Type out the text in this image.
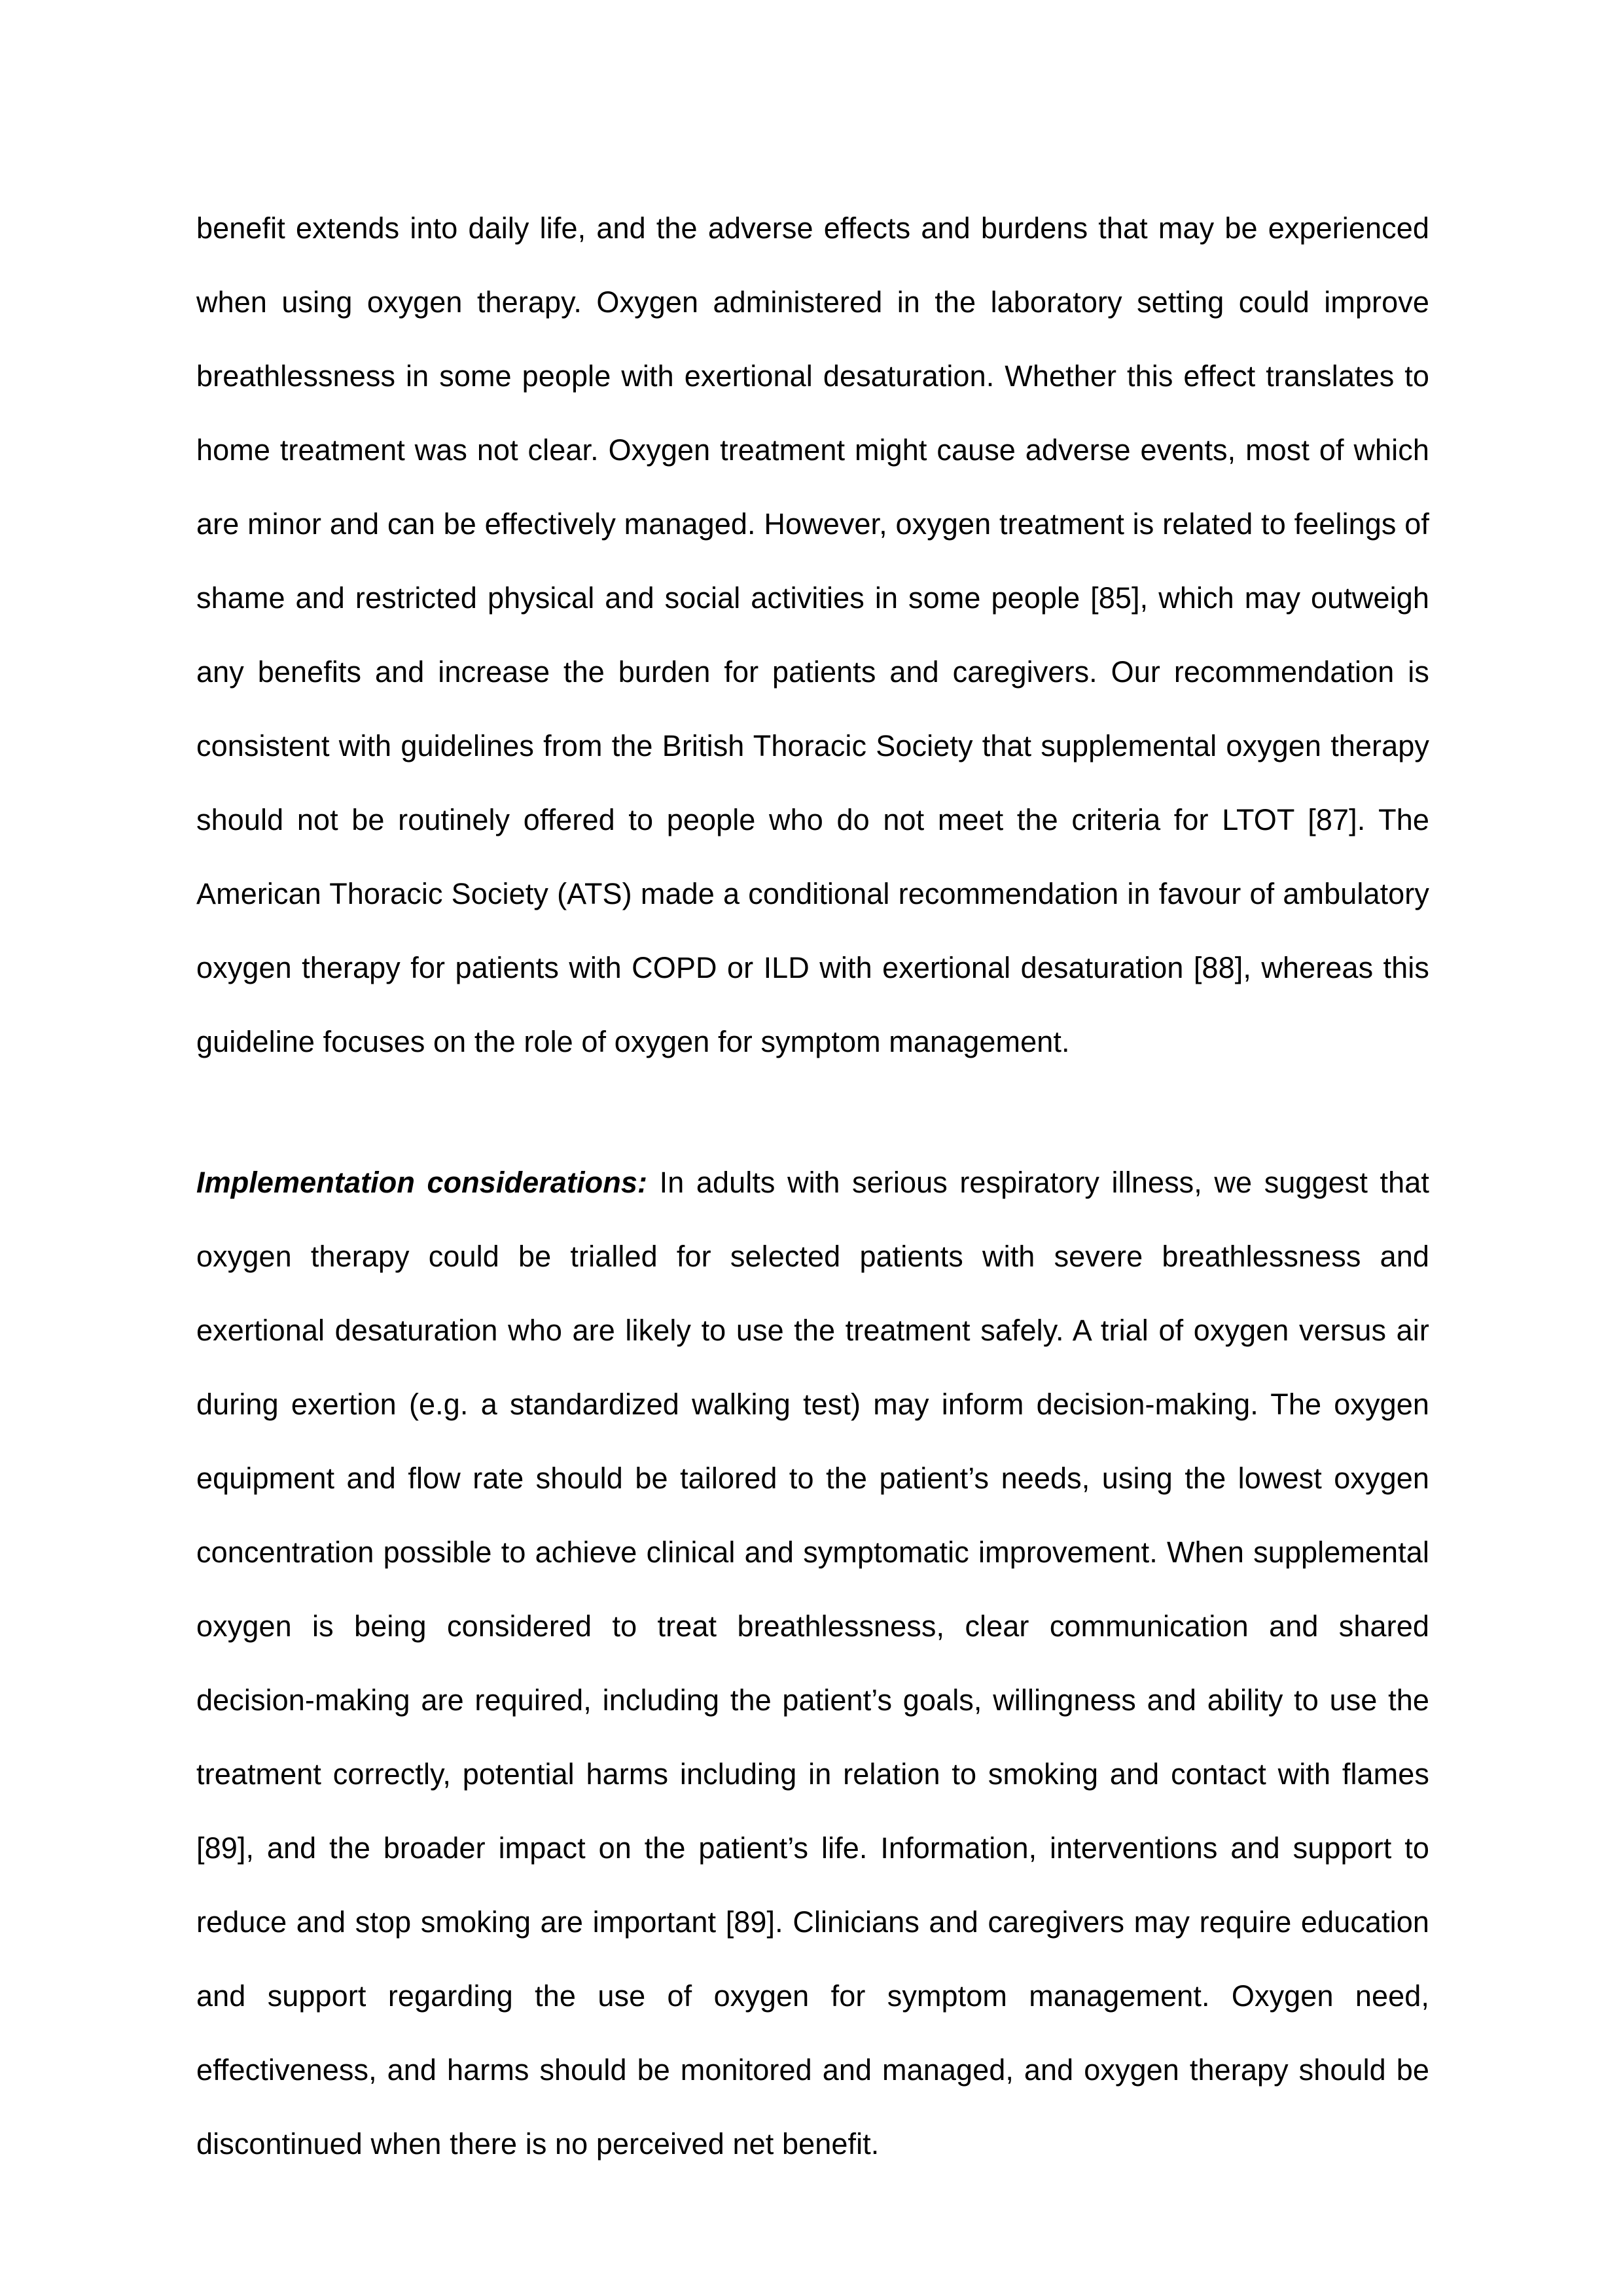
benefit extends into daily life, and the adverse effects and burdens that may be experienced when using oxygen therapy. Oxygen administered in the laboratory setting could improve breathlessness in some people with exertional desaturation. Whether this effect translates to home treatment was not clear. Oxygen treatment might cause adverse events, most of which are minor and can be effectively managed. However, oxygen treatment is related to feelings of shame and restricted physical and social activities in some people [85], which may outweigh any benefits and increase the burden for patients and caregivers. Our recommendation is consistent with guidelines from the British Thoracic Society that supplemental oxygen therapy should not be routinely offered to people who do not meet the criteria for LTOT [87]. The American Thoracic Society (ATS) made a conditional recommendation in favour of ambulatory oxygen therapy for patients with COPD or ILD with exertional desaturation [88], whereas this guideline focuses on the role of oxygen for symptom management.

Implementation considerations: In adults with serious respiratory illness, we suggest that oxygen therapy could be trialled for selected patients with severe breathlessness and exertional desaturation who are likely to use the treatment safely. A trial of oxygen versus air during exertion (e.g. a standardized walking test) may inform decision-making. The oxygen equipment and flow rate should be tailored to the patient’s needs, using the lowest oxygen concentration possible to achieve clinical and symptomatic improvement. When supplemental oxygen is being considered to treat breathlessness, clear communication and shared decision-making are required, including the patient’s goals, willingness and ability to use the treatment correctly, potential harms including in relation to smoking and contact with flames [89], and the broader impact on the patient’s life. Information, interventions and support to reduce and stop smoking are important [89]. Clinicians and caregivers may require education and support regarding the use of oxygen for symptom management. Oxygen need, effectiveness, and harms should be monitored and managed, and oxygen therapy should be discontinued when there is no perceived net benefit.
